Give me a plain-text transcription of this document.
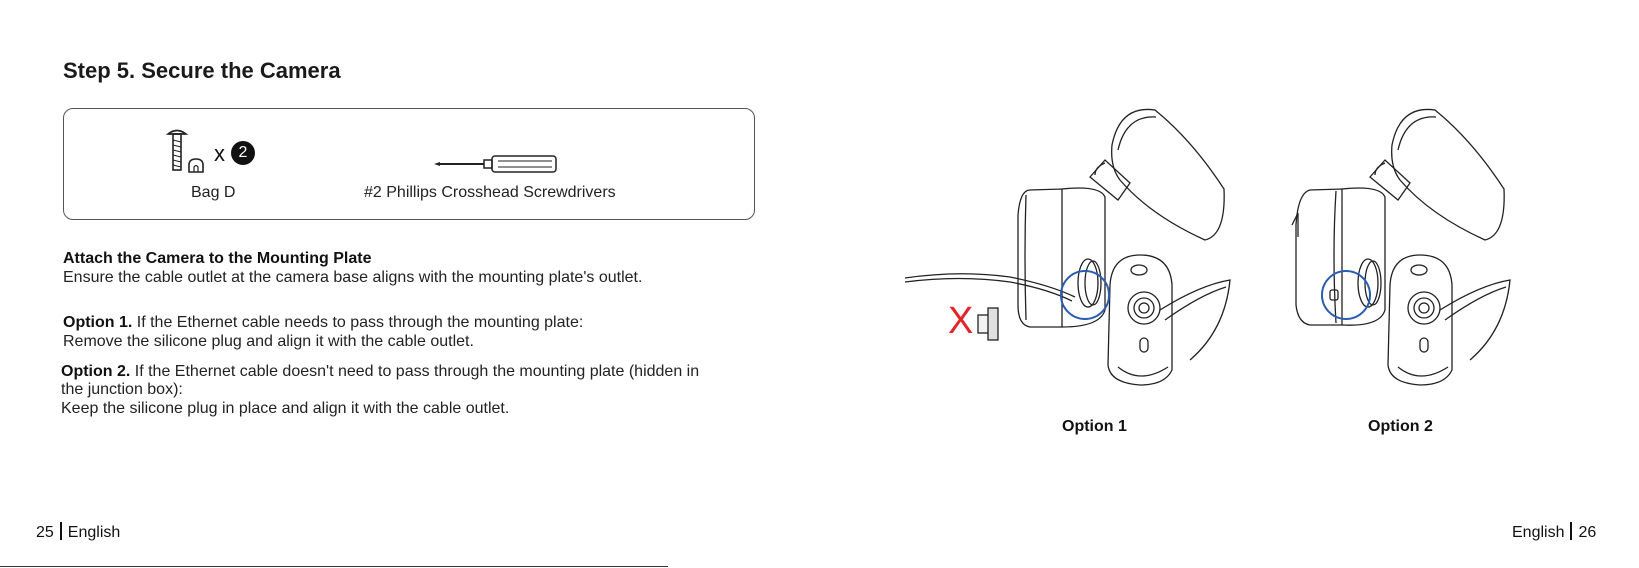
Step 5. Secure the Camera
x 2
Bag D	#2 Phillips Crosshead Screwdrivers
Attach the Camera to the Mounting Plate
Ensure the cable outlet at the camera base aligns with the mounting plate's outlet.
Option 1. If the Ethernet cable needs to pass through the mounting plate:
Remove the silicone plug and align it with the cable outlet.
Option 2. If the Ethernet cable doesn't need to pass through the mounting plate (hidden in
the junction box):
Keep the silicone plug in place and align it with the cable outlet.
X
Option 1	Option 2
25 English	English 26
